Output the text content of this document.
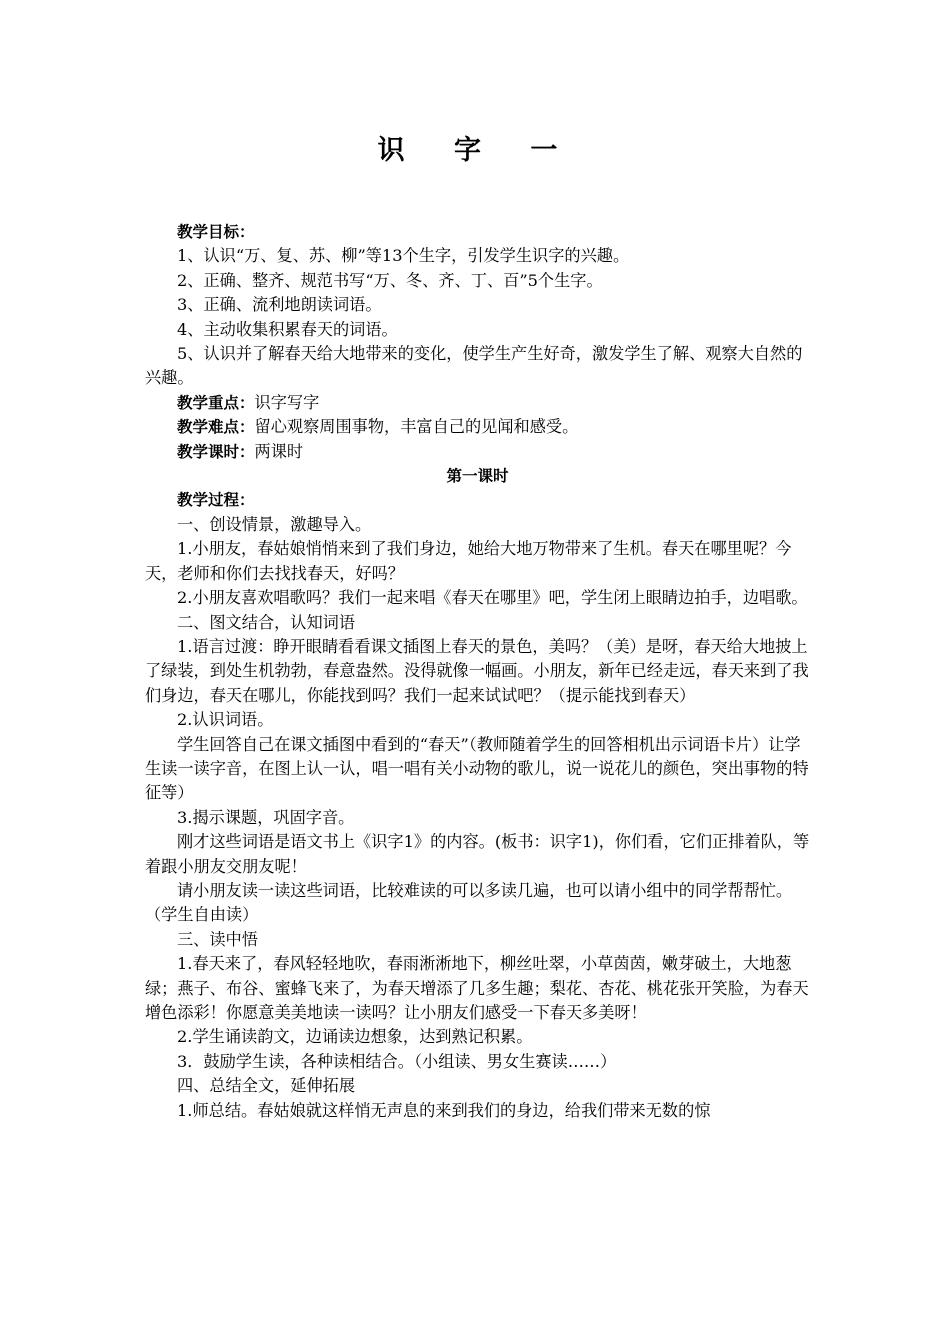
识 字 一

教学目标：

1、认识“万、复、苏、柳”等13个生字，引发学生识字的兴趣。

2、正确、整齐、规范书写“万、冬、齐、丁、百”5个生字。

3、正确、流利地朗读词语。

4、主动收集积累春天的词语。

5、认识并了解春天给大地带来的变化，使学生产生好奇，激发学生了解、观察大自然的兴趣。

教学重点：识字写字

教学难点：留心观察周围事物，丰富自己的见闻和感受。

教学课时：两课时

第一课时

教学过程：

一、创设情景，激趣导入。

1.小朋友，春姑娘悄悄来到了我们身边，她给大地万物带来了生机。春天在哪里呢？今天，老师和你们去找找春天，好吗？

2.小朋友喜欢唱歌吗？我们一起来唱《春天在哪里》吧，学生闭上眼睛边拍手，边唱歌。

二、图文结合，认知词语

1.语言过渡：睁开眼睛看看课文插图上春天的景色，美吗？（美）是呀，春天给大地披上了绿装，到处生机勃勃，春意盎然。没得就像一幅画。小朋友，新年已经走远，春天来到了我们身边，春天在哪儿，你能找到吗？我们一起来试试吧？（提示能找到春天）

2.认识词语。

学生回答自己在课文插图中看到的“春天”（教师随着学生的回答相机出示词语卡片）让学生读一读字音，在图上认一认，唱一唱有关小动物的歌儿，说一说花儿的颜色，突出事物的特征等）

3.揭示课题，巩固字音。

刚才这些词语是语文书上《识字1》的内容。(板书：识字1)，你们看，它们正排着队，等着跟小朋友交朋友呢！

请小朋友读一读这些词语，比较难读的可以多读几遍，也可以请小组中的同学帮帮忙。（学生自由读）

三、读中悟

1.春天来了，春风轻轻地吹，春雨淅淅地下，柳丝吐翠，小草茵茵，嫩芽破土，大地葱绿；燕子、布谷、蜜蜂飞来了，为春天增添了几多生趣；梨花、杏花、桃花张开笑脸，为春天增色添彩！你愿意美美地读一读吗？让小朋友们感受一下春天多美呀！

2.学生诵读韵文，边诵读边想象，达到熟记积累。

3．鼓励学生读，各种读相结合。（小组读、男女生赛读……）

四、总结全文，延伸拓展

1.师总结。春姑娘就这样悄无声息的来到我们的身边，给我们带来无数的惊
